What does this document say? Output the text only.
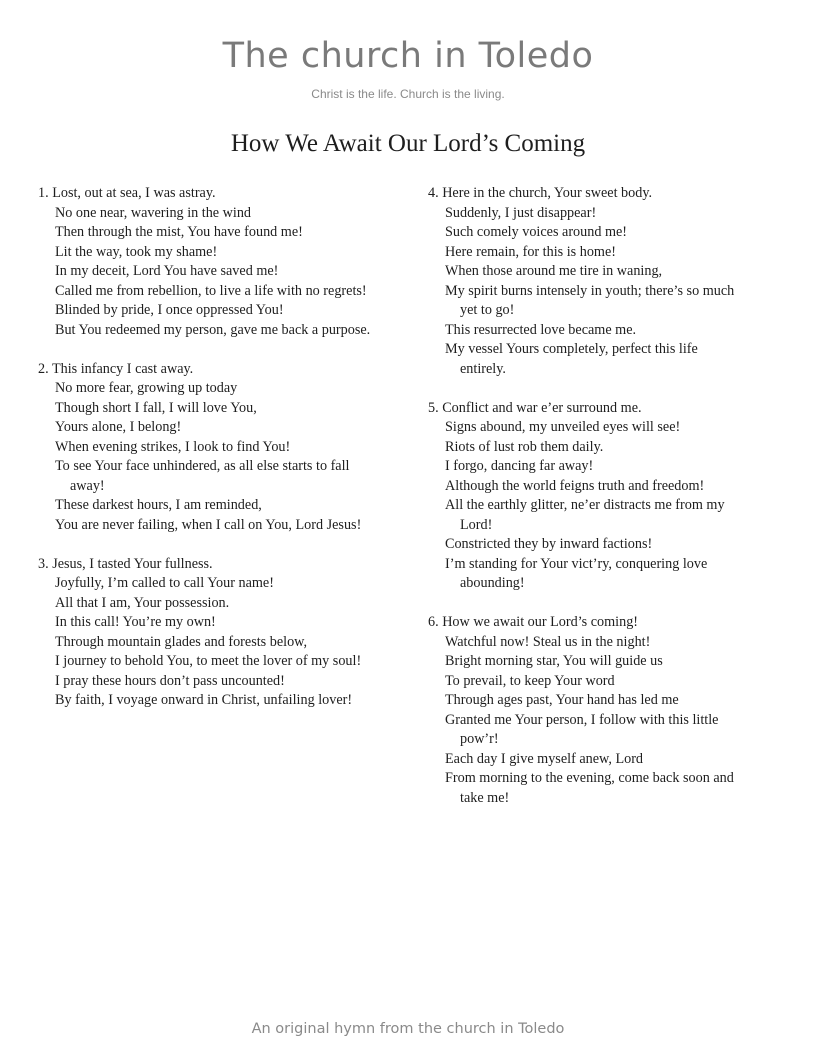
The church in Toledo
Christ is the life. Church is the living.
How We Await Our Lord’s Coming
1. Lost, out at sea, I was astray.
No one near, wavering in the wind
Then through the mist, You have found me!
Lit the way, took my shame!
In my deceit, Lord You have saved me!
Called me from rebellion, to live a life with no regrets!
Blinded by pride, I once oppressed You!
But You redeemed my person, gave me back a purpose.
2. This infancy I cast away.
No more fear, growing up today
Though short I fall, I will love You,
Yours alone, I belong!
When evening strikes, I look to find You!
To see Your face unhindered, as all else starts to fall
away!
These darkest hours, I am reminded,
You are never failing, when I call on You, Lord Jesus!
3. Jesus, I tasted Your fullness.
Joyfully, I’m called to call Your name!
All that I am, Your possession.
In this call! You’re my own!
Through mountain glades and forests below,
I journey to behold You, to meet the lover of my soul!
I pray these hours don’t pass uncounted!
By faith, I voyage onward in Christ, unfailing lover!
4. Here in the church, Your sweet body.
Suddenly, I just disappear!
Such comely voices around me!
Here remain, for this is home!
When those around me tire in waning,
My spirit burns intensely in youth; there’s so much
yet to go!
This resurrected love became me.
My vessel Yours completely, perfect this life
entirely.
5. Conflict and war e’er surround me.
Signs abound, my unveiled eyes will see!
Riots of lust rob them daily.
I forgo, dancing far away!
Although the world feigns truth and freedom!
All the earthly glitter, ne’er distracts me from my
Lord!
Constricted they by inward factions!
I’m standing for Your vict’ry, conquering love
abounding!
6. How we await our Lord’s coming!
Watchful now! Steal us in the night!
Bright morning star, You will guide us
To prevail, to keep Your word
Through ages past, Your hand has led me
Granted me Your person, I follow with this little
pow’r!
Each day I give myself anew, Lord
From morning to the evening, come back soon and
take me!
An original hymn from the church in Toledo
